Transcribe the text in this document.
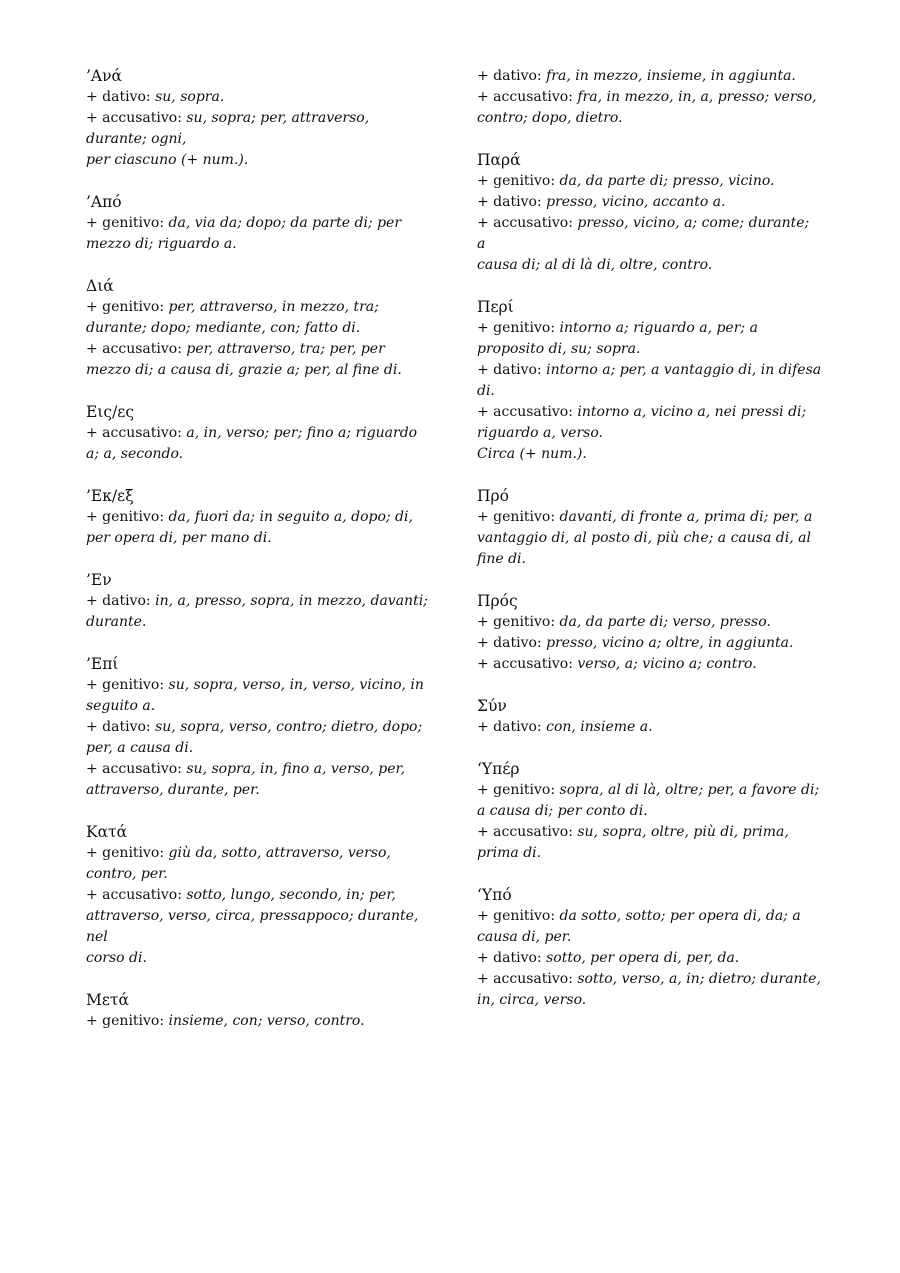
’Ανά

+ dativo: su, sopra.

+ accusativo: su, sopra; per, attraverso,

durante; ogni,

per ciascuno (+ num.).

’Από

+ genitivo: da, via da; dopo; da parte di; per

mezzo di; riguardo a.

Διά

+ genitivo: per, attraverso, in mezzo, tra;

durante; dopo; mediante, con; fatto di.

+ accusativo: per, attraverso, tra; per, per

mezzo di; a causa di, grazie a; per, al fine di.

Εις/ες

+ accusativo: a, in, verso; per; fino a; riguardo

a; a, secondo.

’Εκ/εξ

+ genitivo: da, fuori da; in seguito a, dopo; di,

per opera di, per mano di.

’Εν

+ dativo: in, a, presso, sopra, in mezzo, davanti;

durante.

’Επί

+ genitivo: su, sopra, verso, in, verso, vicino, in

seguito a.

+ dativo: su, sopra, verso, contro; dietro, dopo;

per, a causa di.

+ accusativo: su, sopra, in, fino a, verso, per,

attraverso, durante, per.

Κατά

+ genitivo: giù da, sotto, attraverso, verso,

contro, per.

+ accusativo: sotto, lungo, secondo, in; per,

attraverso, verso, circa, pressappoco; durante, nel

corso di.

Μετά

+ genitivo: insieme, con; verso, contro.

+ dativo: fra, in mezzo, insieme, in aggiunta.

+ accusativo: fra, in mezzo, in, a, presso; verso,

contro; dopo, dietro.

Παρά

+ genitivo: da, da parte di; presso, vicino.

+ dativo: presso, vicino, accanto a.

+ accusativo: presso, vicino, a; come; durante; a

causa di; al di là di, oltre, contro.

Περί

+ genitivo: intorno a; riguardo a, per; a

proposito di, su; sopra.

+ dativo: intorno a; per, a vantaggio di, in difesa

di.

+ accusativo: intorno a, vicino a, nei pressi di;

riguardo a, verso.

Circa (+ num.).

Πρό

+ genitivo: davanti, di fronte a, prima di; per, a

vantaggio di, al posto di, più che; a causa di, al

fine di.

Πρός

+ genitivo: da, da parte di; verso, presso.

+ dativo: presso, vicino a; oltre, in aggiunta.

+ accusativo: verso, a; vicino a; contro.

Σύν

+ dativo: con, insieme a.

‘Υπέρ

+ genitivo: sopra, al di là, oltre; per, a favore di;

a causa di; per conto di.

+ accusativo: su, sopra, oltre, più di, prima,

prima di.

‘Υπό

+ genitivo: da sotto, sotto; per opera di, da; a

causa di, per.

+ dativo: sotto, per opera di, per, da.

+ accusativo: sotto, verso, a, in; dietro; durante,

in, circa, verso.
